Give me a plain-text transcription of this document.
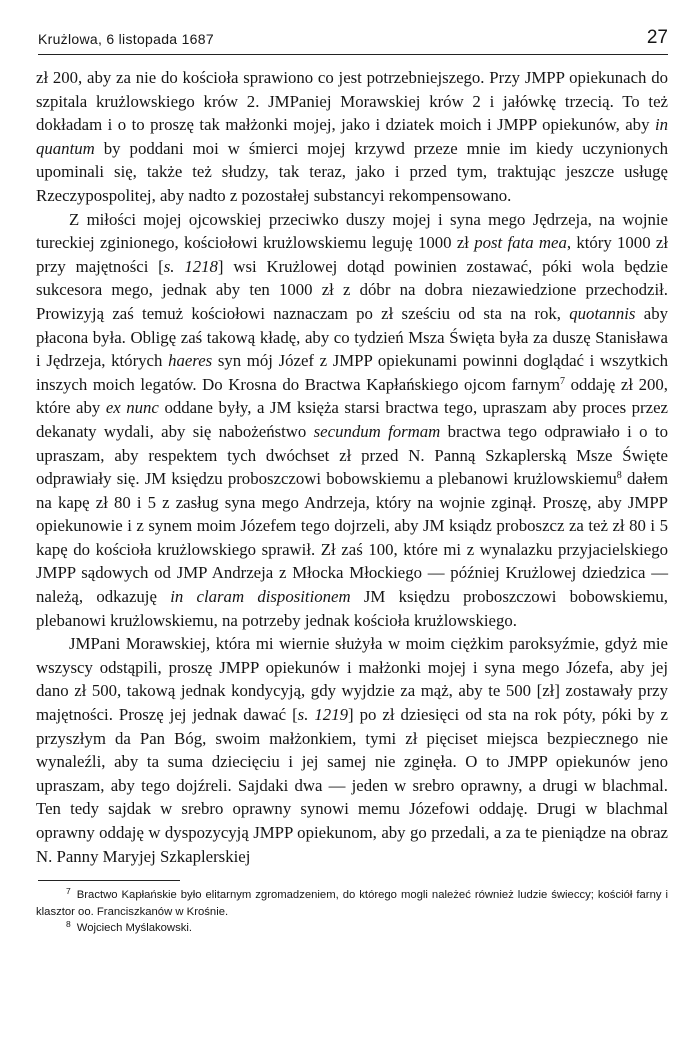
Krużlowa, 6 listopada 1687	27

zł 200, aby za nie do kościoła sprawiono co jest potrzebniejszego. Przy JMPP opiekunach do szpitala krużlowskiego krów 2. JMPaniej Morawskiej krów 2 i jałówkę trzecią. To też dokładam i o to proszę tak małżonki mojej, jako i dziatek moich i JMPP opiekunów, aby in quantum by poddani moi w śmierci mojej krzywd przeze mnie im kiedy uczynionych upominali się, także też słudzy, tak teraz, jako i przed tym, traktując jeszcze usługę Rzeczypospolitej, aby nadto z pozostałej substancyi rekompensowano.

Z miłości mojej ojcowskiej przeciwko duszy mojej i syna mego Jędrzeja, na wojnie tureckiej zginionego, kościołowi krużlowskiemu leguję 1000 zł post fata mea, który 1000 zł przy majętności [s. 1218] wsi Krużlowej dotąd powinien zostawać, póki wola będzie sukcesora mego, jednak aby ten 1000 zł z dóbr na dobra niezawiedzione przechodził. Prowizyją zaś temuż kościołowi naznaczam po zł sześciu od sta na rok, quotannis aby płacona była. Obligę zaś takową kładę, aby co tydzień Msza Święta była za duszę Stanisława i Jędrzeja, których haeres syn mój Józef z JMPP opiekunami powinni doglądać i wszytkich inszych moich legatów. Do Krosna do Bractwa Kapłańskiego ojcom farnym$^7$ oddaję zł 200, które aby ex nunc oddane były, a JM księża starsi bractwa tego, upraszam aby proces przez dekanaty wydali, aby się nabożeństwo secundum formam bractwa tego odprawiało i o to upraszam, aby respektem tych dwóchset zł przed N. Panną Szkaplerską Msze Święte odprawiały się. JM księdzu proboszczowi bobowskiemu a plebanowi krużlowskiemu$^8$ dałem na kapę zł 80 i 5 z zasług syna mego Andrzeja, który na wojnie zginął. Proszę, aby JMPP opiekunowie i z synem moim Józefem tego dojrzeli, aby JM ksiądz proboszcz za też zł 80 i 5 kapę do kościoła krużlowskiego sprawił. Zł zaś 100, które mi z wynalazku przyjacielskiego JMPP sądowych od JMP Andrzeja z Młocka Młockiego — później Krużlowej dziedzica — należą, odkazuję in claram dispositionem JM księdzu proboszczowi bobowskiemu, plebanowi krużlowskiemu, na potrzeby jednak kościoła krużlowskiego.

JMPani Morawskiej, która mi wiernie służyła w moim ciężkim paroksyźmie, gdyż mie wszyscy odstąpili, proszę JMPP opiekunów i małżonki mojej i syna mego Józefa, aby jej dano zł 500, takową jednak kondycyją, gdy wyjdzie za mąż, aby te 500 [zł] zostawały przy majętności. Proszę jej jednak dawać [s. 1219] po zł dziesięci od sta na rok póty, póki by z przyszłym da Pan Bóg, swoim małżonkiem, tymi zł pięciset miejsca bezpiecznego nie wynaleźli, aby ta suma dziecięciu i jej samej nie zginęła. O to JMPP opiekunów jeno upraszam, aby tego dojźreli. Sajdaki dwa — jeden w srebro oprawny, a drugi w blachmal. Ten tedy sajdak w srebro oprawny synowi memu Józefowi oddaję. Drugi w blachmal oprawny oddaję w dyspozycyją JMPP opiekunom, aby go przedali, a za te pieniądze na obraz N. Panny Maryjej Szkaplerskiej

$^7$ Bractwo Kapłańskie było elitarnym zgromadzeniem, do którego mogli należeć również ludzie świeccy; kościół farny i klasztor oo. Franciszkanów w Krośnie.

$^8$ Wojciech Myślakowski.
